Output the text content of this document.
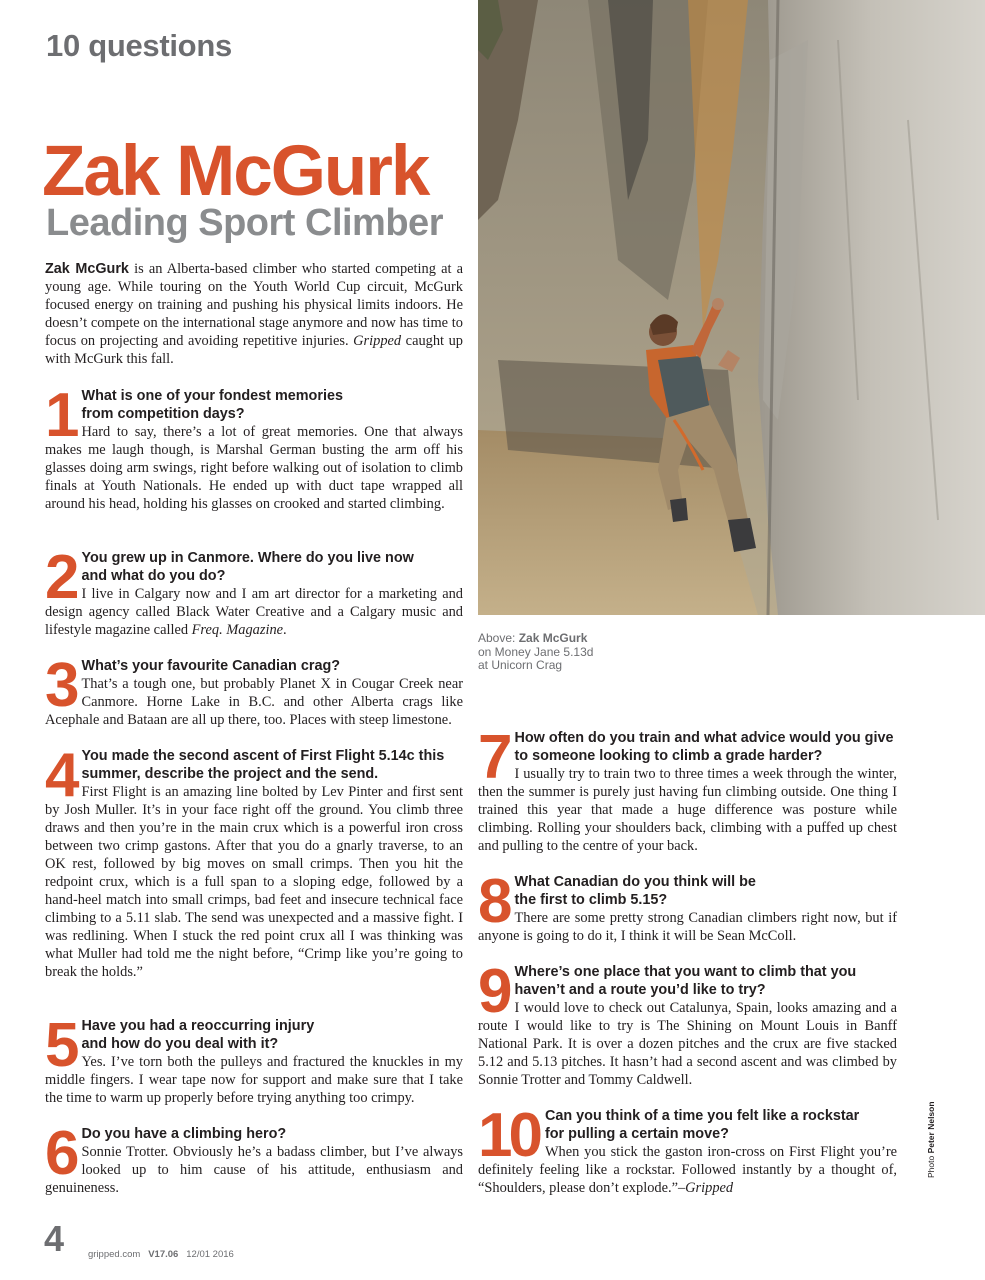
10 questions
Zak McGurk
Leading Sport Climber

Zak McGurk is an Alberta-based climber who started competing at a young age. While touring on the Youth World Cup circuit, McGurk focused energy on training and pushing his physical limits indoors. He doesn’t compete on the international stage anymore and now has time to focus on projecting and avoiding repetitive injuries. Gripped caught up with McGurk this fall.

1 What is one of your fondest memories from competition days?

Hard to say, there’s a lot of great memories. One that always makes me laugh though, is Marshal German busting the arm off his glasses doing arm swings, right before walking out of isolation to climb finals at Youth Nationals. He ended up with duct tape wrapped all around his head, holding his glasses on crooked and started climbing.

2 You grew up in Canmore. Where do you live now and what do you do?

I live in Calgary now and I am art director for a marketing and design agency called Black Water Creative and a Calgary music and lifestyle magazine called Freq. Magazine.

3 What’s your favourite Canadian crag?

That’s a tough one, but probably Planet X in Cougar Creek near Canmore. Horne Lake in B.C. and other Alberta crags like Acephale and Bataan are all up there, too. Places with steep limestone.

4 You made the second ascent of First Flight 5.14c this summer, describe the project and the send.

First Flight is an amazing line bolted by Lev Pinter and first sent by Josh Muller. It’s in your face right off the ground. You climb three draws and then you’re in the main crux which is a powerful iron cross between two crimp gastons. After that you do a gnarly traverse, to an OK rest, followed by big moves on small crimps. Then you hit the redpoint crux, which is a full span to a sloping edge, followed by a hand-heel match into small crimps, bad feet and insecure technical face climbing to a 5.11 slab. The send was unexpected and a massive fight. I was redlining. When I stuck the red point crux all I was thinking was what Muller had told me the night before, “Crimp like you’re going to break the holds.”

5 Have you had a reoccurring injury and how do you deal with it?

Yes. I’ve torn both the pulleys and fractured the knuckles in my middle fingers. I wear tape now for support and make sure that I take the time to warm up properly before trying anything too crimpy.

6 Do you have a climbing hero?

Sonnie Trotter. Obviously he’s a badass climber, but I’ve always looked up to him cause of his attitude, enthusiasm and genuineness.

Above: Zak McGurk
on Money Jane 5.13d
at Unicorn Crag

7 How often do you train and what advice would you give to someone looking to climb a grade harder?

I usually try to train two to three times a week through the winter, then the summer is purely just having fun climbing outside. One thing I trained this year that made a huge difference was posture while climbing. Rolling your shoulders back, climbing with a puffed up chest and pulling to the centre of your back.

8 What Canadian do you think will be the first to climb 5.15?

There are some pretty strong Canadian climbers right now, but if anyone is going to do it, I think it will be Sean McColl.

9 Where’s one place that you want to climb that you haven’t and a route you’d like to try?

I would love to check out Catalunya, Spain, looks amazing and a route I would like to try is The Shining on Mount Louis in Banff National Park. It is over a dozen pitches and the crux are five stacked 5.12 and 5.13 pitches. It hasn’t had a second ascent and was climbed by Sonnie Trotter and Tommy Caldwell.

10 Can you think of a time you felt like a rockstar for pulling a certain move?

When you stick the gaston iron-cross on First Flight you’re definitely feeling like a rockstar. Followed instantly by a thought of, “Shoulders, please don’t explode.”–Gripped

Photo Peter Nelson

4	gripped.com V17.06 12/01 2016
